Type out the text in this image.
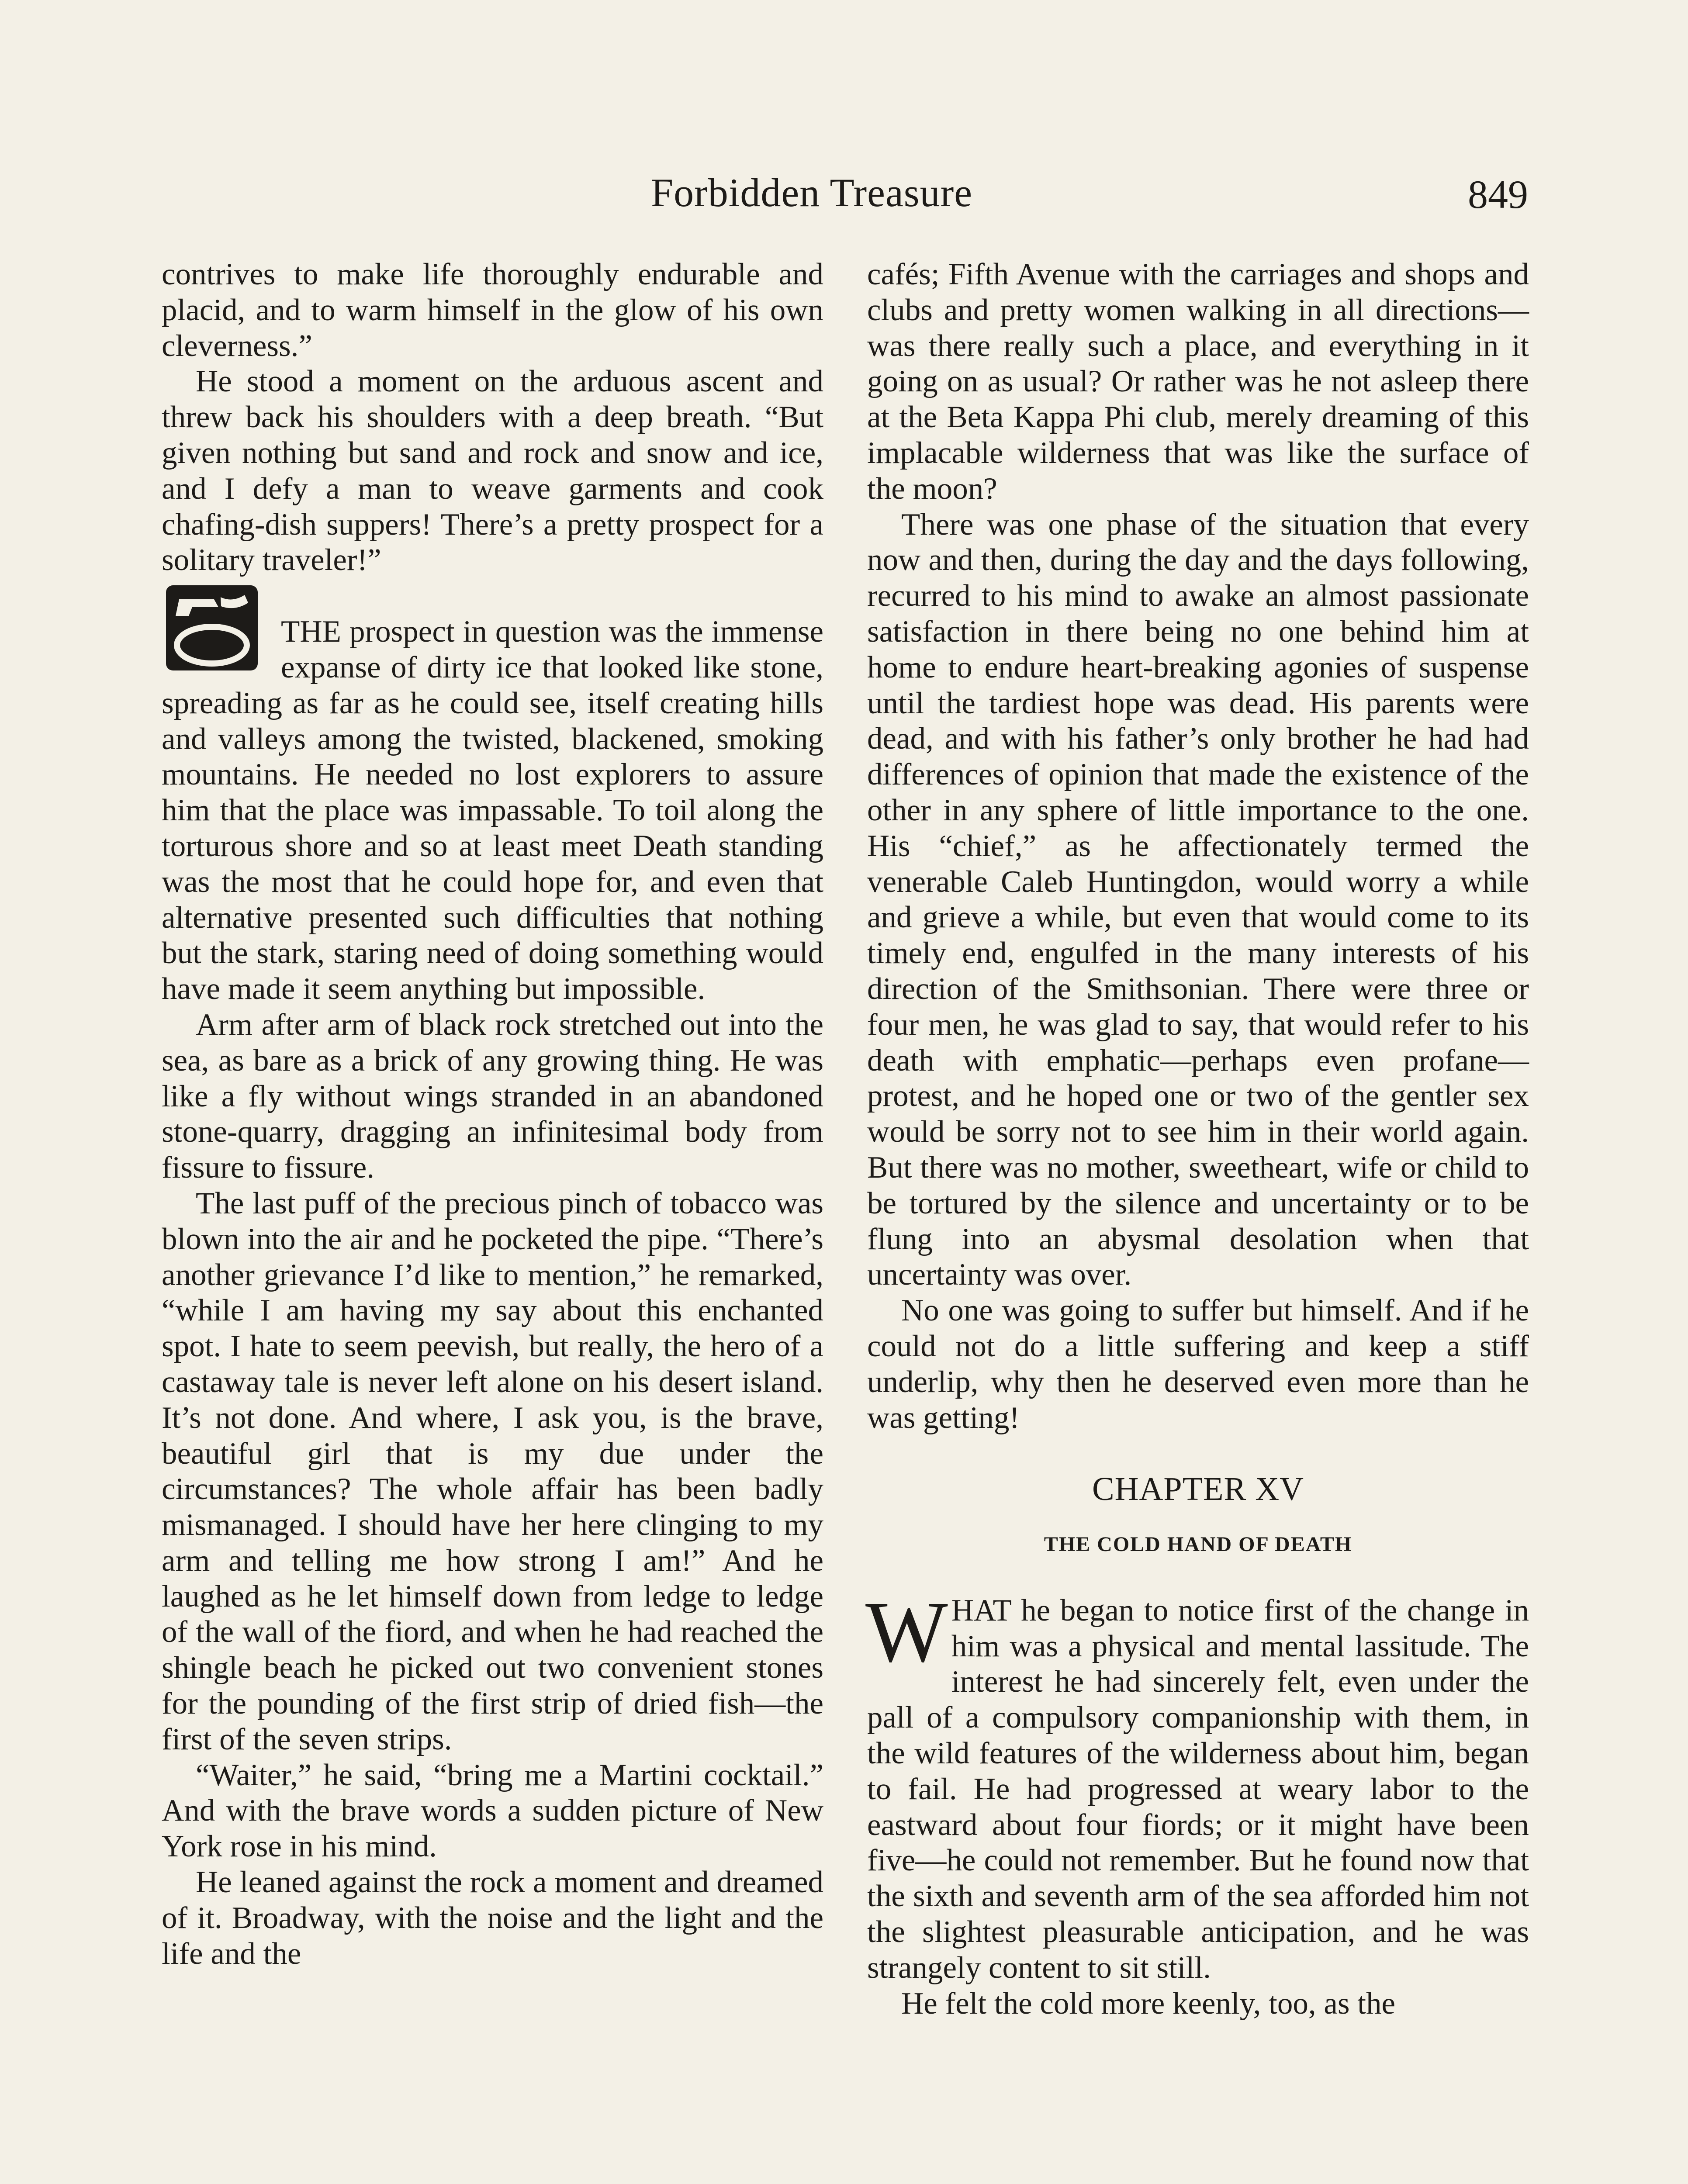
Forbidden Treasure	849

contrives to make life thoroughly endurable and placid, and to warm himself in the glow of his own cleverness.”

He stood a moment on the arduous ascent and threw back his shoulders with a deep breath. “But given nothing but sand and rock and snow and ice, and I defy a man to weave garments and cook chafing-dish suppers! There’s a pretty prospect for a solitary traveler!”

THE prospect in question was the immense expanse of dirty ice that looked like stone, spreading as far as he could see, itself creating hills and valleys among the twisted, blackened, smoking mountains. He needed no lost explorers to assure him that the place was impassable. To toil along the torturous shore and so at least meet Death standing was the most that he could hope for, and even that alternative presented such difficulties that nothing but the stark, staring need of doing something would have made it seem anything but impossible.

Arm after arm of black rock stretched out into the sea, as bare as a brick of any growing thing. He was like a fly without wings stranded in an abandoned stone-quarry, dragging an infinitesimal body from fissure to fissure.

The last puff of the precious pinch of tobacco was blown into the air and he pocketed the pipe. “There’s another grievance I’d like to mention,” he remarked, “while I am having my say about this enchanted spot. I hate to seem peevish, but really, the hero of a castaway tale is never left alone on his desert island. It’s not done. And where, I ask you, is the brave, beautiful girl that is my due under the circumstances? The whole affair has been badly mismanaged. I should have her here clinging to my arm and telling me how strong I am!” And he laughed as he let himself down from ledge to ledge of the wall of the fiord, and when he had reached the shingle beach he picked out two convenient stones for the pounding of the first strip of dried fish—the first of the seven strips.

“Waiter,” he said, “bring me a Martini cocktail.” And with the brave words a sudden picture of New York rose in his mind.

He leaned against the rock a moment and dreamed of it. Broadway, with the noise and the light and the life and the

cafés; Fifth Avenue with the carriages and shops and clubs and pretty women walking in all directions—was there really such a place, and everything in it going on as usual? Or rather was he not asleep there at the Beta Kappa Phi club, merely dreaming of this implacable wilderness that was like the surface of the moon?

There was one phase of the situation that every now and then, during the day and the days following, recurred to his mind to awake an almost passionate satisfaction in there being no one behind him at home to endure heart-breaking agonies of suspense until the tardiest hope was dead. His parents were dead, and with his father’s only brother he had had differences of opinion that made the existence of the other in any sphere of little importance to the one. His “chief,” as he affectionately termed the venerable Caleb Huntingdon, would worry a while and grieve a while, but even that would come to its timely end, engulfed in the many interests of his direction of the Smithsonian. There were three or four men, he was glad to say, that would refer to his death with emphatic—perhaps even profane—protest, and he hoped one or two of the gentler sex would be sorry not to see him in their world again. But there was no mother, sweetheart, wife or child to be tortured by the silence and uncertainty or to be flung into an abysmal desolation when that uncertainty was over.

No one was going to suffer but himself. And if he could not do a little suffering and keep a stiff underlip, why then he deserved even more than he was getting!

CHAPTER XV
THE COLD HAND OF DEATH

WHAT he began to notice first of the change in him was a physical and mental lassitude. The interest he had sincerely felt, even under the pall of a compulsory companionship with them, in the wild features of the wilderness about him, began to fail. He had progressed at weary labor to the eastward about four fiords; or it might have been five—he could not remember. But he found now that the sixth and seventh arm of the sea afforded him not the slightest pleasurable anticipation, and he was strangely content to sit still.

He felt the cold more keenly, too, as the
